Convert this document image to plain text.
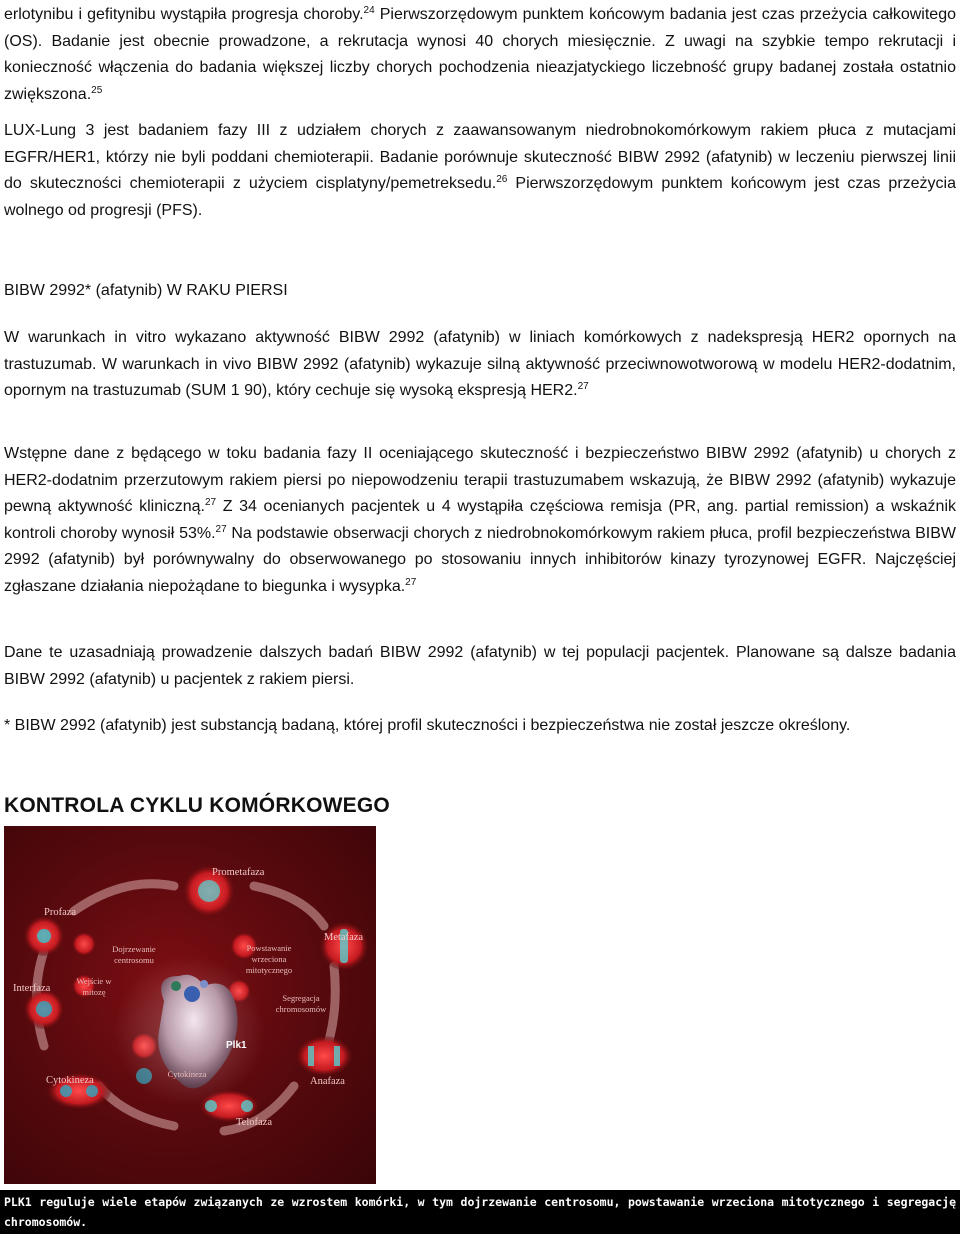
erlotynibu i gefitynibu wystąpiła progresja choroby.$^{24}$ Pierwszorzędowym punktem końcowym badania jest czas przeżycia całkowitego (OS). Badanie jest obecnie prowadzone, a rekrutacja wynosi 40 chorych miesięcznie. Z uwagi na szybkie tempo rekrutacji i konieczność włączenia do badania większej liczby chorych pochodzenia nieazjatyckiego liczebność grupy badanej została ostatnio zwiększona.$^{25}$

LUX-Lung 3 jest badaniem fazy III z udziałem chorych z zaawansowanym niedrobnokomórkowym rakiem płuca z mutacjami EGFR/HER1, którzy nie byli poddani chemioterapii. Badanie porównuje skuteczność BIBW 2992 (afatynib) w leczeniu pierwszej linii do skuteczności chemioterapii z użyciem cisplatyny/pemetreksedu.$^{26}$ Pierwszorzędowym punktem końcowym jest czas przeżycia wolnego od progresji (PFS).

BIBW 2992* (afatynib) W RAKU PIERSI

W warunkach in vitro wykazano aktywność BIBW 2992 (afatynib) w liniach komórkowych z nadekspresją HER2 opornych na trastuzumab. W warunkach in vivo BIBW 2992 (afatynib) wykazuje silną aktywność przeciwnowotworową w modelu HER2-dodatnim, opornym na trastuzumab (SUM 1 90), który cechuje się wysoką ekspresją HER2.27

Wstępne dane z będącego w toku badania fazy II oceniającego skuteczność i bezpieczeństwo BIBW 2992 (afatynib) u chorych z HER2-dodatnim przerzutowym rakiem piersi po niepowodzeniu terapii trastuzumabem wskazują, że BIBW 2992 (afatynib) wykazuje pewną aktywność kliniczną.$^{27}$ Z 34 ocenianych pacjentek u 4 wystąpiła częściowa remisja (PR, ang. partial remission) a wskaźnik kontroli choroby wynosił 53%.$^{27}$ Na podstawie obserwacji chorych z niedrobnokomórkowym rakiem płuca, profil bezpieczeństwa BIBW 2992 (afatynib) był porównywalny do obserwowanego po stosowaniu innych inhibitorów kinazy tyrozynowej EGFR. Najczęściej zgłaszane działania niepożądane to biegunka i wysypka.$^{27}$

Dane te uzasadniają prowadzenie dalszych badań BIBW 2992 (afatynib) w tej populacji pacjentek. Planowane są dalsze badania BIBW 2992 (afatynib) u pacjentek z rakiem piersi.

* BIBW 2992 (afatynib) jest substancją badaną, której profil skuteczności i bezpieczeństwa nie został jeszcze określony.

KONTROLA CYKLU KOMÓRKOWEGO
Profaza
Prometafaza
Metafaza
Interfaza
Cytokineza	Anafaza
Telofaza
Dojrzewanie centrosomu
Wejście w mitozę
Powstawanie wrzeciona mitotycznego
Segregacja chromosomów
Cytokineza
Plk1
PLK1 reguluje wiele etapów związanych ze wzrostem komórki, w tym dojrzewanie centrosomu, powstawanie wrzeciona mitotycznego i segregację chromosomów.
